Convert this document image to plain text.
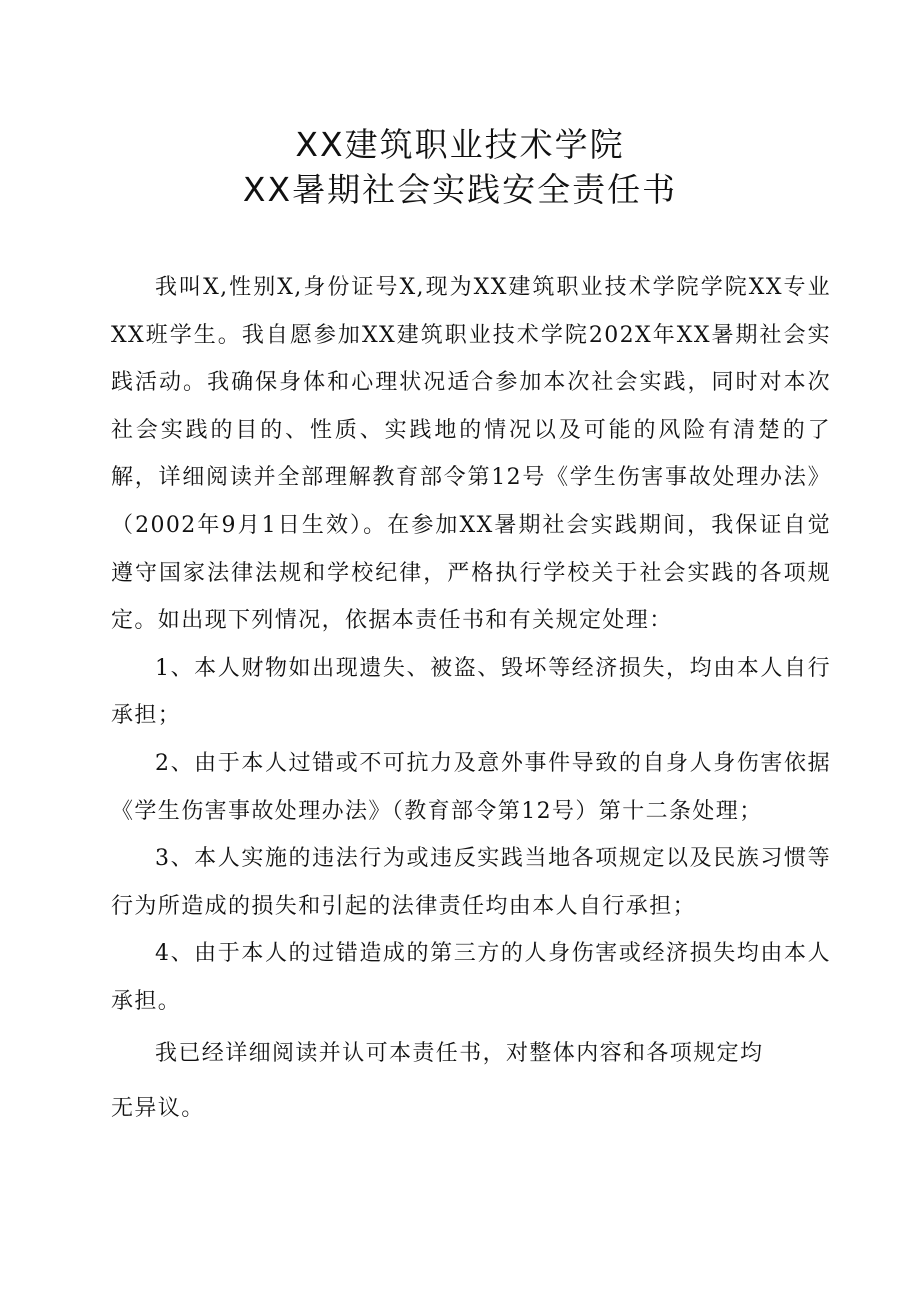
XX建筑职业技术学院
XX暑期社会实践安全责任书

我叫X,性别X,身份证号X,现为XX建筑职业技术学院学院XX专业XX班学生。我自愿参加XX建筑职业技术学院202X年XX暑期社会实践活动。我确保身体和心理状况适合参加本次社会实践，同时对本次社会实践的目的、性质、实践地的情况以及可能的风险有清楚的了解，详细阅读并全部理解教育部令第12号《学生伤害事故处理办法》（2002年9月1日生效）。在参加XX暑期社会实践期间，我保证自觉遵守国家法律法规和学校纪律，严格执行学校关于社会实践的各项规定。如出现下列情况，依据本责任书和有关规定处理：

1、本人财物如出现遗失、被盗、毁坏等经济损失，均由本人自行承担；

2、由于本人过错或不可抗力及意外事件导致的自身人身伤害依据《学生伤害事故处理办法》（教育部令第12号）第十二条处理；

3、本人实施的违法行为或违反实践当地各项规定以及民族习惯等行为所造成的损失和引起的法律责任均由本人自行承担；

4、由于本人的过错造成的第三方的人身伤害或经济损失均由本人承担。

我已经详细阅读并认可本责任书，对整体内容和各项规定均

无异议。
